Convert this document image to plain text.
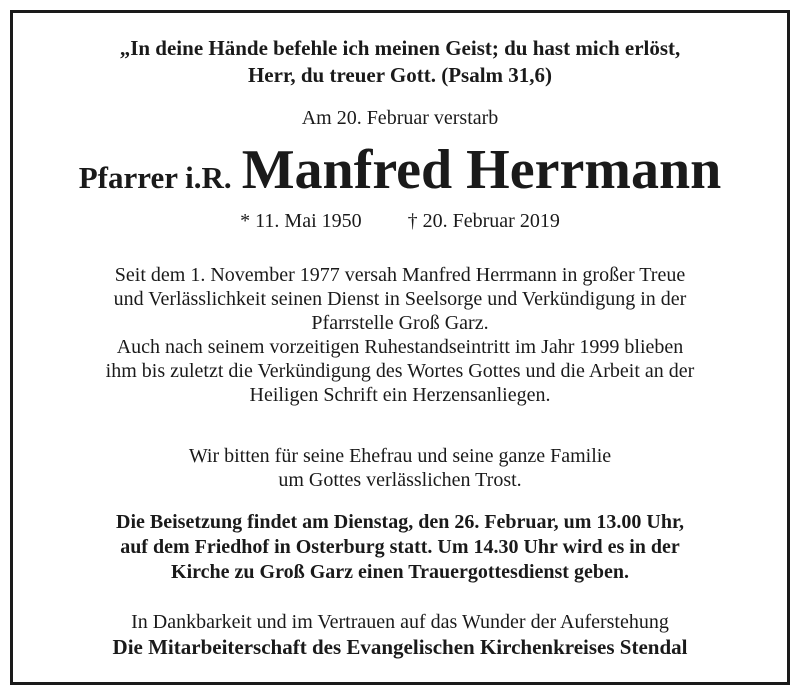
„In deine Hände befehle ich meinen Geist; du hast mich erlöst,
Herr, du treuer Gott. (Psalm 31,6)
Am 20. Februar verstarb
Pfarrer i.R. Manfred Herrmann
* 11. Mai 1950 † 20. Februar 2019
Seit dem 1. November 1977 versah Manfred Herrmann in großer Treue
und Verlässlichkeit seinen Dienst in Seelsorge und Verkündigung in der
Pfarrstelle Groß Garz.
Auch nach seinem vorzeitigen Ruhestandseintritt im Jahr 1999 blieben
ihm bis zuletzt die Verkündigung des Wortes Gottes und die Arbeit an der
Heiligen Schrift ein Herzensanliegen.
Wir bitten für seine Ehefrau und seine ganze Familie
um Gottes verlässlichen Trost.
Die Beisetzung findet am Dienstag, den 26. Februar, um 13.00 Uhr,
auf dem Friedhof in Osterburg statt. Um 14.30 Uhr wird es in der
Kirche zu Groß Garz einen Trauergottesdienst geben.
In Dankbarkeit und im Vertrauen auf das Wunder der Auferstehung
Die Mitarbeiterschaft des Evangelischen Kirchenkreises Stendal
